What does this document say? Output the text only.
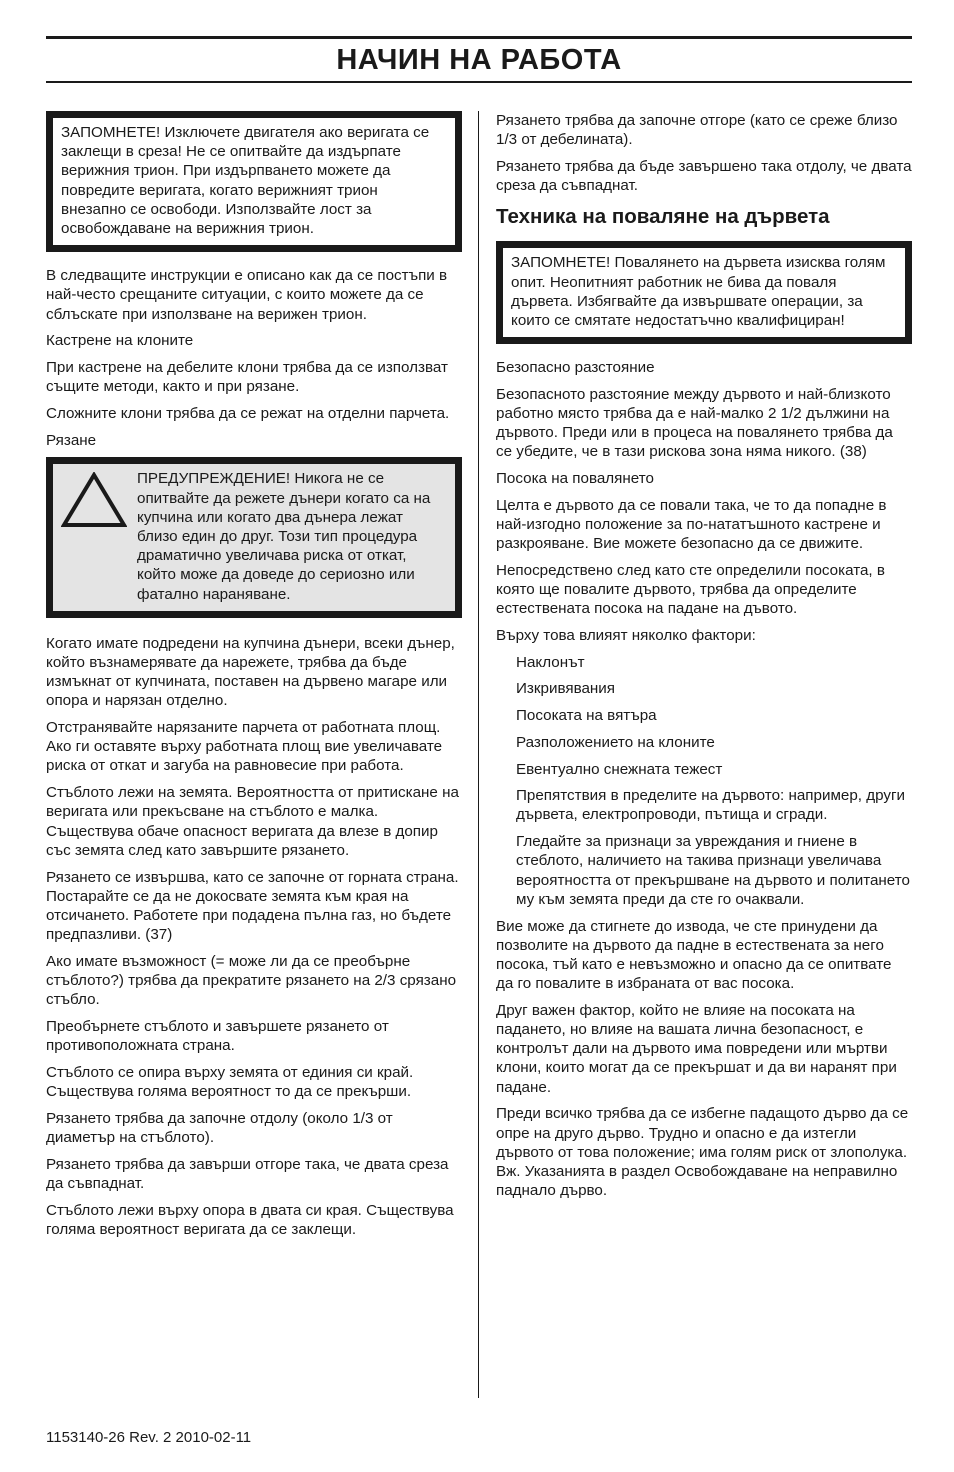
НАЧИН НА РАБОТА

ЗАПОМНЕТЕ! Изключете двигателя ако веригата се заклещи в среза! Не се опитвайте да издърпате верижния трион. При издърпването можете да повредите веригата, когато верижният трион внезапно се освободи. Използвайте лост за освобождаване на верижния трион.

В следващите инструкции е описано как да се постъпи в най-често срещаните ситуации, с които можете да се сблъскате при използване на верижен трион.

Кастрене на клоните

При кастрене на дебелите клони трябва да се използват същите методи, както и при рязане.

Сложните клони трябва да се режат на отделни парчета.

Рязане

ПРЕДУПРЕЖДЕНИЕ! Никога не се опитвайте да режете дънери когато са на купчина или когато два дънера лежат близо един до друг. Този тип процедура драматично увеличава риска от откат, който може да доведе до сериозно или фатално нараняване.

Когато имате подредени на купчина дънери, всеки дънер, който възнамерявате да нарежете, трябва да бъде измъкнат от купчината, поставен на дървено магаре или опора и нарязан отделно.

Отстранявайте нарязаните парчета от работната площ. Ако ги оставяте върху работната площ вие увеличавате риска от откат и загуба на равновесие при работа.

Стъблото лежи на земята. Вероятността от притискане на веригата или прекъсване на стъблото е малка. Съществува обаче опасност веригата да влезе в допир със земята след като завършите рязането.

Рязането се извършва, като се започне от горната страна. Постарайте се да не докосвате земята към края на отсичането. Работете при подадена пълна газ, но бъдете предпазливи. (37)

Ако имате възможност (= може ли да се преобърне стъблото?) трябва да прекратите рязането на 2/3 срязано стъбло.

Преобърнете стъблото и завършете рязането от противоположната страна.

Стъблото се опира върху земята от единия си край. Съществува голяма вероятност то да се прекърши.

Рязането трябва да започне отдолу (около 1/3 от диаметър на стъблото).

Рязането трябва да завърши отгоре така, че двата среза да съвпаднат.

Стъблото лежи върху опора в двата си края. Съществува голяма вероятност веригата да се заклещи.

Рязането трябва да започне отгоре (като се среже близо 1/3 от дебелината).

Рязането трябва да бъде завършено така отдолу, че двата среза да съвпаднат.

Техника на поваляне на дървета

ЗАПОМНЕТЕ! Повалянето на дървета изисква голям опит. Неопитният работник не бива да поваля дървета. Избягвайте да извършвате операции, за които се смятате недостатъчно квалифициран!

Безопасно разстояние

Безопасното разстояние между дървото и най-близкото работно място трябва да е най-малко 2 1/2 дължини на дървото. Преди или в процеса на повалянето трябва да се убедите, че в тази рискова зона няма никого. (38)

Посока на повалянето

Целта е дървото да се повали така, че то да попадне в най-изгодно положение за по-нататъшното кастрене и разкрояване. Вие можете безопасно да се движите.

Непосредствено след като сте определили посоката, в която ще повалите дървото, трябва да определите естествената посока на падане на дъвото.

Върху това влияят няколко фактори:

Наклонът

Изкривявания

Посоката на вятъра

Разположението на клоните

Евентуално снежната тежест

Препятствия в пределите на дървото: например, други дървета, електропроводи, пътища и сгради.

Гледайте за признаци за увреждания и гниене в стеблото, наличието на такива признаци увеличава вероятността от прекършване на дървото и политането му към земята преди да сте го очаквали.

Вие може да стигнете до извода, че сте принудени да позволите на дървото да падне в естествената за него посока, тъй като е невъзможно и опасно да се опитвате да го повалите в избраната от вас посока.

Друг важен фактор, който не влияе на посоката на падането, но влияе на вашата лична безопасност, е контролът дали на дървото има повредени или мъртви клони, които могат да се прекършат и да ви наранят при падане.

Преди всичко трябва да се избегне падащото дърво да се опре на друго дърво. Трудно и опасно е да изтегли дървото от това положение; има голям риск от злополука. Вж. Указанията в раздел Освобождаване на неправилно паднало дърво.

1153140-26 Rev. 2 2010-02-11
